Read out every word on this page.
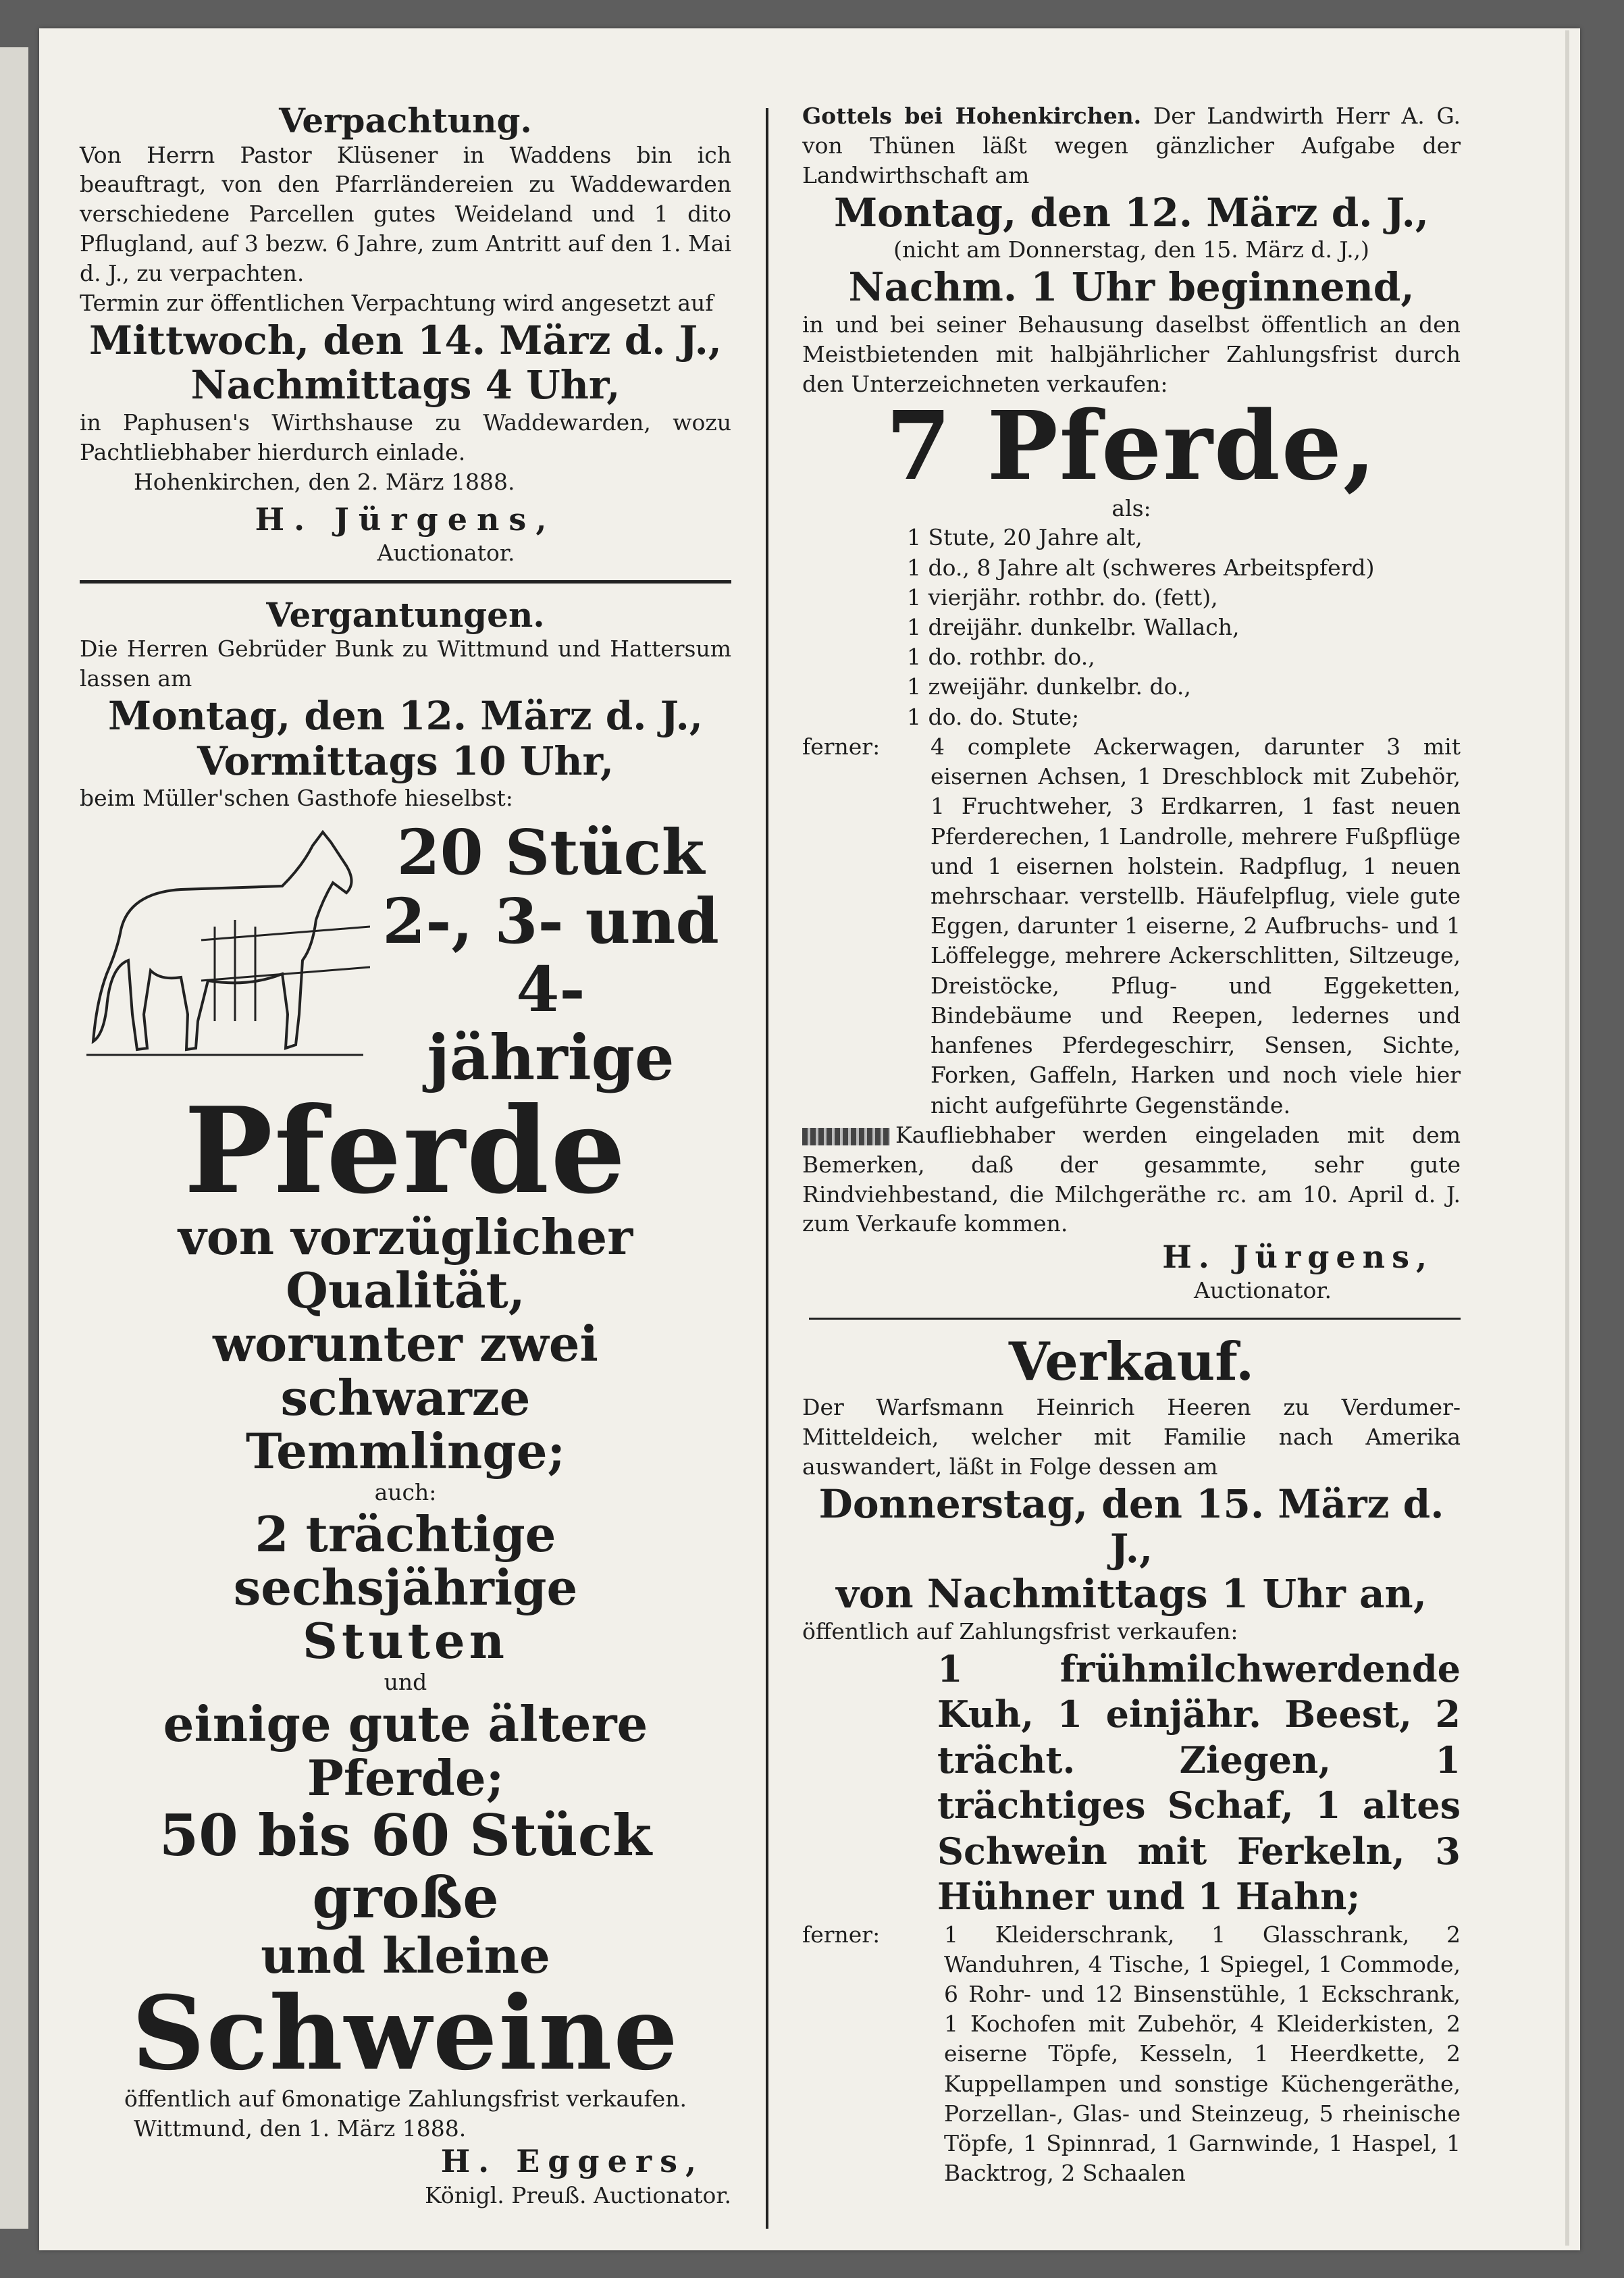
Verpachtung.

Von Herrn Pastor Klüsener in Waddens bin ich beauftragt, von den Pfarrländereien zu Waddewarden verschiedene Parcellen gutes Weideland und 1 dito Pflugland, auf 3 bezw. 6 Jahre, zum Antritt auf den 1. Mai d. J., zu verpachten.

Termin zur öffentlichen Verpachtung wird angesetzt auf

Mittwoch, den 14. März d. J.,

Nachmittags 4 Uhr,

in Paphusen's Wirthshause zu Waddewarden, wozu Pachtliebhaber hierdurch einlade.

Hohenkirchen, den 2. März 1888.

H. Jürgens,

Auctionator.

Vergantungen.

Die Herren Gebrüder Bunk zu Wittmund und Hattersum lassen am

Montag, den 12. März d. J.,

Vormittags 10 Uhr,

beim Müller'schen Gasthofe hieselbst:

20 Stück

2-, 3- und 4-

jährige

Pferde

von vorzüglicher Qualität,

worunter zwei schwarze

Temmlinge;

auch:

2 trächtige sechsjährige

Stuten

und

einige gute ältere Pferde;

50 bis 60 Stück große

und kleine

Schweine

öffentlich auf 6monatige Zahlungsfrist verkaufen.

Wittmund, den 1. März 1888.

H. Eggers,

Königl. Preuß. Auctionator.

Gottels bei Hohenkirchen. Der Landwirth Herr A. G. von Thünen läßt wegen gänzlicher Aufgabe der Landwirthschaft am

Montag, den 12. März d. J.,

(nicht am Donnerstag, den 15. März d. J.,)

Nachm. 1 Uhr beginnend,

in und bei seiner Behausung daselbst öffentlich an den Meistbietenden mit halbjährlicher Zahlungsfrist durch den Unterzeichneten verkaufen:

7 Pferde,

als:

1 Stute, 20 Jahre alt,
1 do., 8 Jahre alt (schweres Arbeitspferd)
1 vierjähr. rothbr. do. (fett),
1 dreijähr. dunkelbr. Wallach,
1 do. rothbr. do.,
1 zweijähr. dunkelbr. do.,
1 do. do. Stute;
ferner:	4 complete Ackerwagen, darunter 3 mit eisernen Achsen, 1 Dreschblock mit Zubehör, 1 Fruchtweher, 3 Erdkarren, 1 fast neuen Pferderechen, 1 Landrolle, mehrere Fußpflüge und 1 eisernen holstein. Radpflug, 1 neuen mehrschaar. verstellb. Häufelpflug, viele gute Eggen, darunter 1 eiserne, 2 Aufbruchs- und 1 Löffelegge, mehrere Ackerschlitten, Siltzeuge, Dreistöcke, Pflug- und Eggeketten, Bindebäume und Reepen, ledernes und hanfenes Pferdegeschirr, Sensen, Sichte, Forken, Gaffeln, Harken und noch viele hier nicht aufgeführte Gegenstände.

Kaufliebhaber werden eingeladen mit dem Bemerken, daß der gesammte, sehr gute Rindviehbestand, die Milchgeräthe rc. am 10. April d. J. zum Verkaufe kommen.

H. Jürgens,

Auctionator.

Verkauf.

Der Warfsmann Heinrich Heeren zu Verdumer-Mitteldeich, welcher mit Familie nach Amerika auswandert, läßt in Folge dessen am

Donnerstag, den 15. März d. J.,

von Nachmittags 1 Uhr an,

öffentlich auf Zahlungsfrist verkaufen:

1 frühmilchwerdende Kuh, 1 einjähr. Beest, 2 trächt. Ziegen, 1 trächtiges Schaf, 1 altes Schwein mit Ferkeln, 3 Hühner und 1 Hahn;

ferner:	1 Kleiderschrank, 1 Glasschrank, 2 Wanduhren, 4 Tische, 1 Spiegel, 1 Commode, 6 Rohr- und 12 Binsenstühle, 1 Eckschrank, 1 Kochofen mit Zubehör, 4 Kleiderkisten, 2 eiserne Töpfe, Kesseln, 1 Heerdkette, 2 Kuppellampen und sonstige Küchengeräthe, Porzellan-, Glas- und Steinzeug, 5 rheinische Töpfe, 1 Spinnrad, 1 Garnwinde, 1 Haspel, 1 Backtrog, 2 Schaalen
